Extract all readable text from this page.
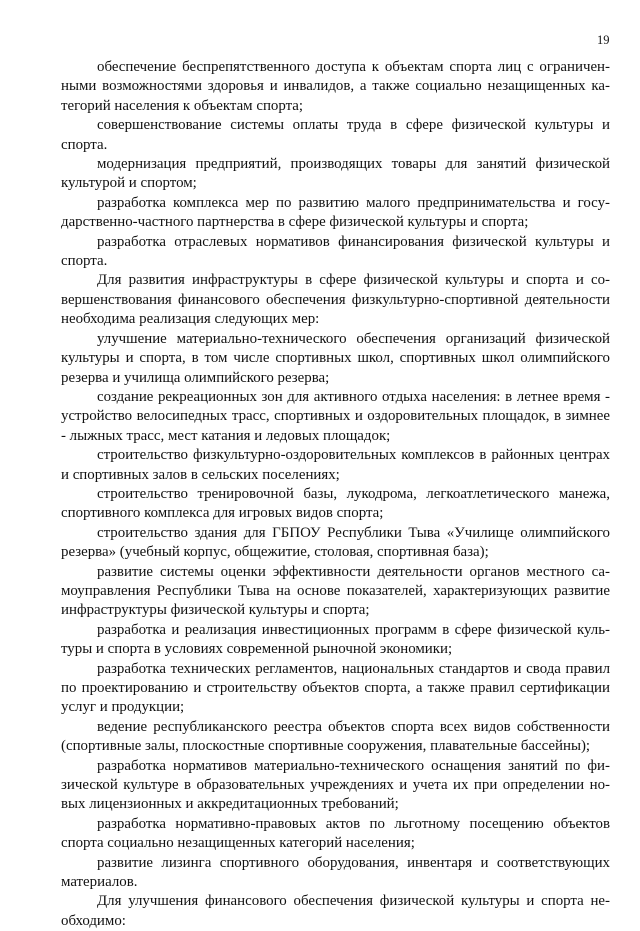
19

обеспечение беспрепятственного доступа к объектам спорта лиц с ограниченными возможностями здоровья и инвалидов, а также социально незащищенных категорий населения к объектам спорта;

совершенствование системы оплаты труда в сфере физической культуры и спорта.

модернизация предприятий, производящих товары для занятий физической культурой и спортом;

разработка комплекса мер по развитию малого предпринимательства и государственно-частного партнерства в сфере физической культуры и спорта;

разработка отраслевых нормативов финансирования физической культуры и спорта.

Для развития инфраструктуры в сфере физической культуры и спорта и совершенствования финансового обеспечения физкультурно-спортивной деятельности необходима реализация следующих мер:

улучшение материально-технического обеспечения организаций физической культуры и спорта, в том числе спортивных школ, спортивных школ олимпийского резерва и училища олимпийского резерва;

создание рекреационных зон для активного отдыха населения: в летнее время - устройство велосипедных трасс, спортивных и оздоровительных площадок, в зимнее - лыжных трасс, мест катания и ледовых площадок;

строительство физкультурно-оздоровительных комплексов в районных центрах и спортивных залов в сельских поселениях;

строительство тренировочной базы, лукодрома, легкоатлетического манежа, спортивного комплекса для игровых видов спорта;

строительство здания для ГБПОУ Республики Тыва «Училище олимпийского резерва» (учебный корпус, общежитие, столовая, спортивная база);

развитие системы оценки эффективности деятельности органов местного самоуправления Республики Тыва на основе показателей, характеризующих развитие инфраструктуры физической культуры и спорта;

разработка и реализация инвестиционных программ в сфере физической культуры и спорта в условиях современной рыночной экономики;

разработка технических регламентов, национальных стандартов и свода правил по проектированию и строительству объектов спорта, а также правил сертификации услуг и продукции;

ведение республиканского реестра объектов спорта всех видов собственности (спортивные залы, плоскостные спортивные сооружения, плавательные бассейны);

разработка нормативов материально-технического оснащения занятий по физической культуре в образовательных учреждениях и учета их при определении новых лицензионных и аккредитационных требований;

разработка нормативно-правовых актов по льготному посещению объектов спорта социально незащищенных категорий населения;

развитие лизинга спортивного оборудования, инвентаря и соответствующих материалов.

Для улучшения финансового обеспечения физической культуры и спорта необходимо:
